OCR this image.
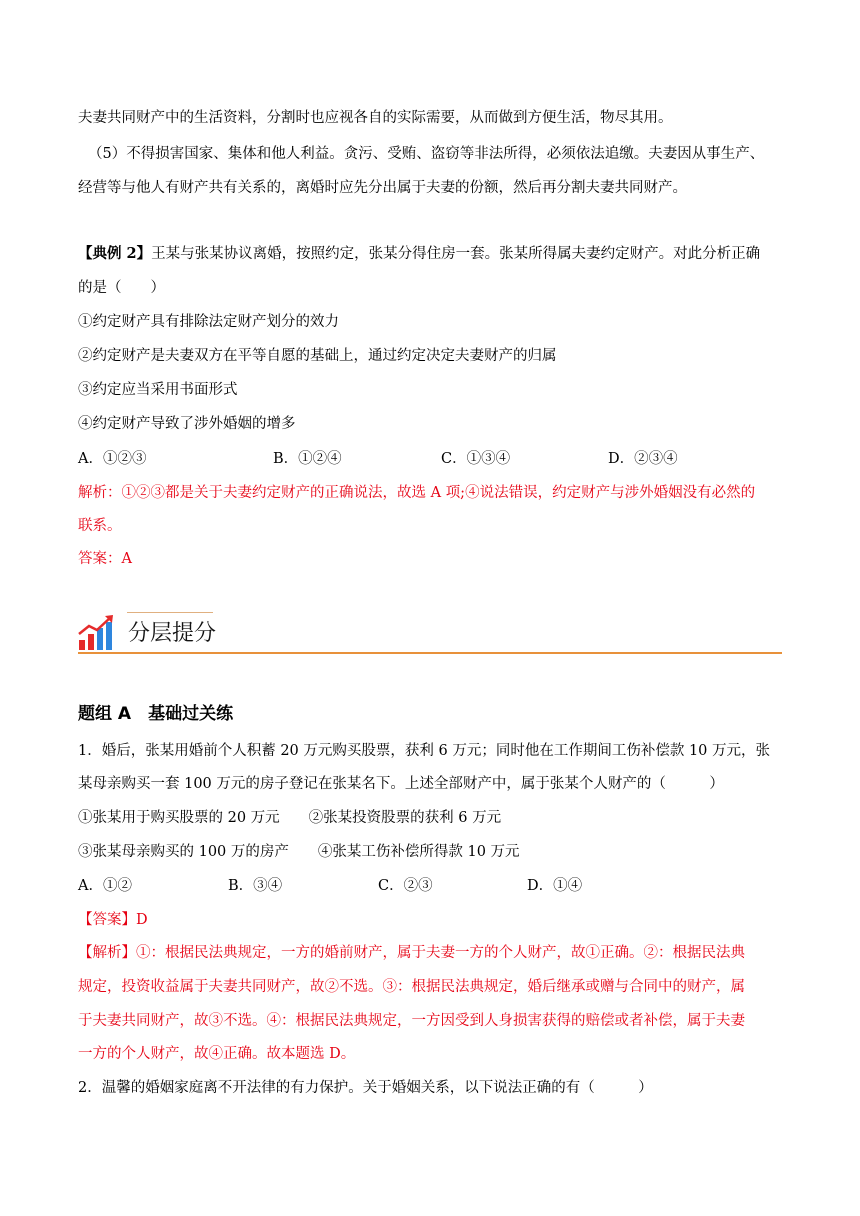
夫妻共同财产中的生活资料，分割时也应视各自的实际需要，从而做到方便生活，物尽其用。
（5）不得损害国家、集体和他人利益。贪污、受贿、盗窃等非法所得，必须依法追缴。夫妻因从事生产、
经营等与他人有财产共有关系的，离婚时应先分出属于夫妻的份额，然后再分割夫妻共同财产。
【典例 2】王某与张某协议离婚，按照约定，张某分得住房一套。张某所得属夫妻约定财产。对此分析正确
的是（　　）
①约定财产具有排除法定财产划分的效力
②约定财产是夫妻双方在平等自愿的基础上，通过约定决定夫妻财产的归属
③约定应当采用书面形式
④约定财产导致了涉外婚姻的增多
A．①②③	B．①②④	C．①③④	D．②③④
解析：①②③都是关于夫妻约定财产的正确说法，故选 A 项;④说法错误，约定财产与涉外婚姻没有必然的
联系。
答案：A
分层提分
题组 A　基础过关练
1．婚后，张某用婚前个人积蓄 20 万元购买股票，获利 6 万元；同时他在工作期间工伤补偿款 10 万元，张
某母亲购买一套 100 万元的房子登记在张某名下。上述全部财产中，属于张某个人财产的（　　　）
①张某用于购买股票的 20 万元　　②张某投资股票的获利 6 万元
③张某母亲购买的 100 万的房产　　④张某工伤补偿所得款 10 万元
A．①②	B．③④	C．②③	D．①④
【答案】D
【解析】①：根据民法典规定，一方的婚前财产，属于夫妻一方的个人财产，故①正确。②：根据民法典
规定，投资收益属于夫妻共同财产，故②不选。③：根据民法典规定，婚后继承或赠与合同中的财产，属
于夫妻共同财产，故③不选。④：根据民法典规定，一方因受到人身损害获得的赔偿或者补偿，属于夫妻
一方的个人财产，故④正确。故本题选 D。
2．温馨的婚姻家庭离不开法律的有力保护。关于婚姻关系，以下说法正确的有（　　　）
